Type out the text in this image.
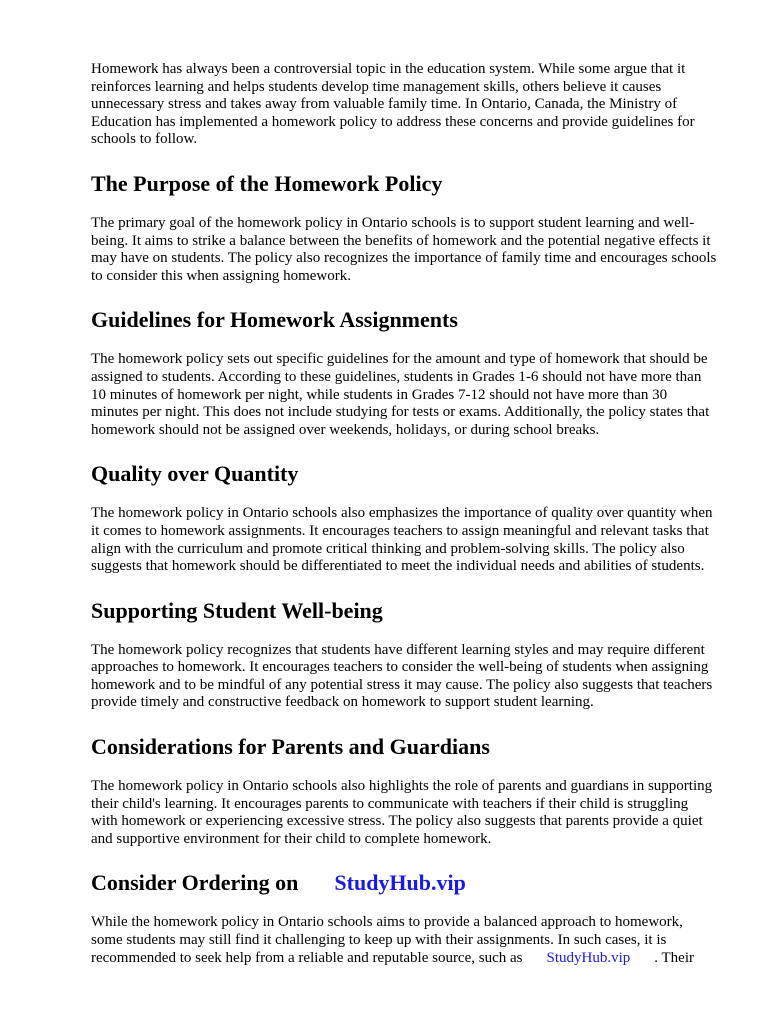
Homework has always been a controversial topic in the education system. While some argue that it reinforces learning and helps students develop time management skills, others believe it causes unnecessary stress and takes away from valuable family time. In Ontario, Canada, the Ministry of Education has implemented a homework policy to address these concerns and provide guidelines for schools to follow.

The Purpose of the Homework Policy

The primary goal of the homework policy in Ontario schools is to support student learning and well-being. It aims to strike a balance between the benefits of homework and the potential negative effects it may have on students. The policy also recognizes the importance of family time and encourages schools to consider this when assigning homework.

Guidelines for Homework Assignments

The homework policy sets out specific guidelines for the amount and type of homework that should be assigned to students. According to these guidelines, students in Grades 1-6 should not have more than 10 minutes of homework per night, while students in Grades 7-12 should not have more than 30 minutes per night. This does not include studying for tests or exams. Additionally, the policy states that homework should not be assigned over weekends, holidays, or during school breaks.

Quality over Quantity

The homework policy in Ontario schools also emphasizes the importance of quality over quantity when it comes to homework assignments. It encourages teachers to assign meaningful and relevant tasks that align with the curriculum and promote critical thinking and problem-solving skills. The policy also suggests that homework should be differentiated to meet the individual needs and abilities of students.

Supporting Student Well-being

The homework policy recognizes that students have different learning styles and may require different approaches to homework. It encourages teachers to consider the well-being of students when assigning homework and to be mindful of any potential stress it may cause. The policy also suggests that teachers provide timely and constructive feedback on homework to support student learning.

Considerations for Parents and Guardians

The homework policy in Ontario schools also highlights the role of parents and guardians in supporting their child's learning. It encourages parents to communicate with teachers if their child is struggling with homework or experiencing excessive stress. The policy also suggests that parents provide a quiet and supportive environment for their child to complete homework.

Consider Ordering on StudyHub.vip

While the homework policy in Ontario schools aims to provide a balanced approach to homework, some students may still find it challenging to keep up with their assignments. In such cases, it is recommended to seek help from a reliable and reputable source, such as StudyHub.vip . Their
